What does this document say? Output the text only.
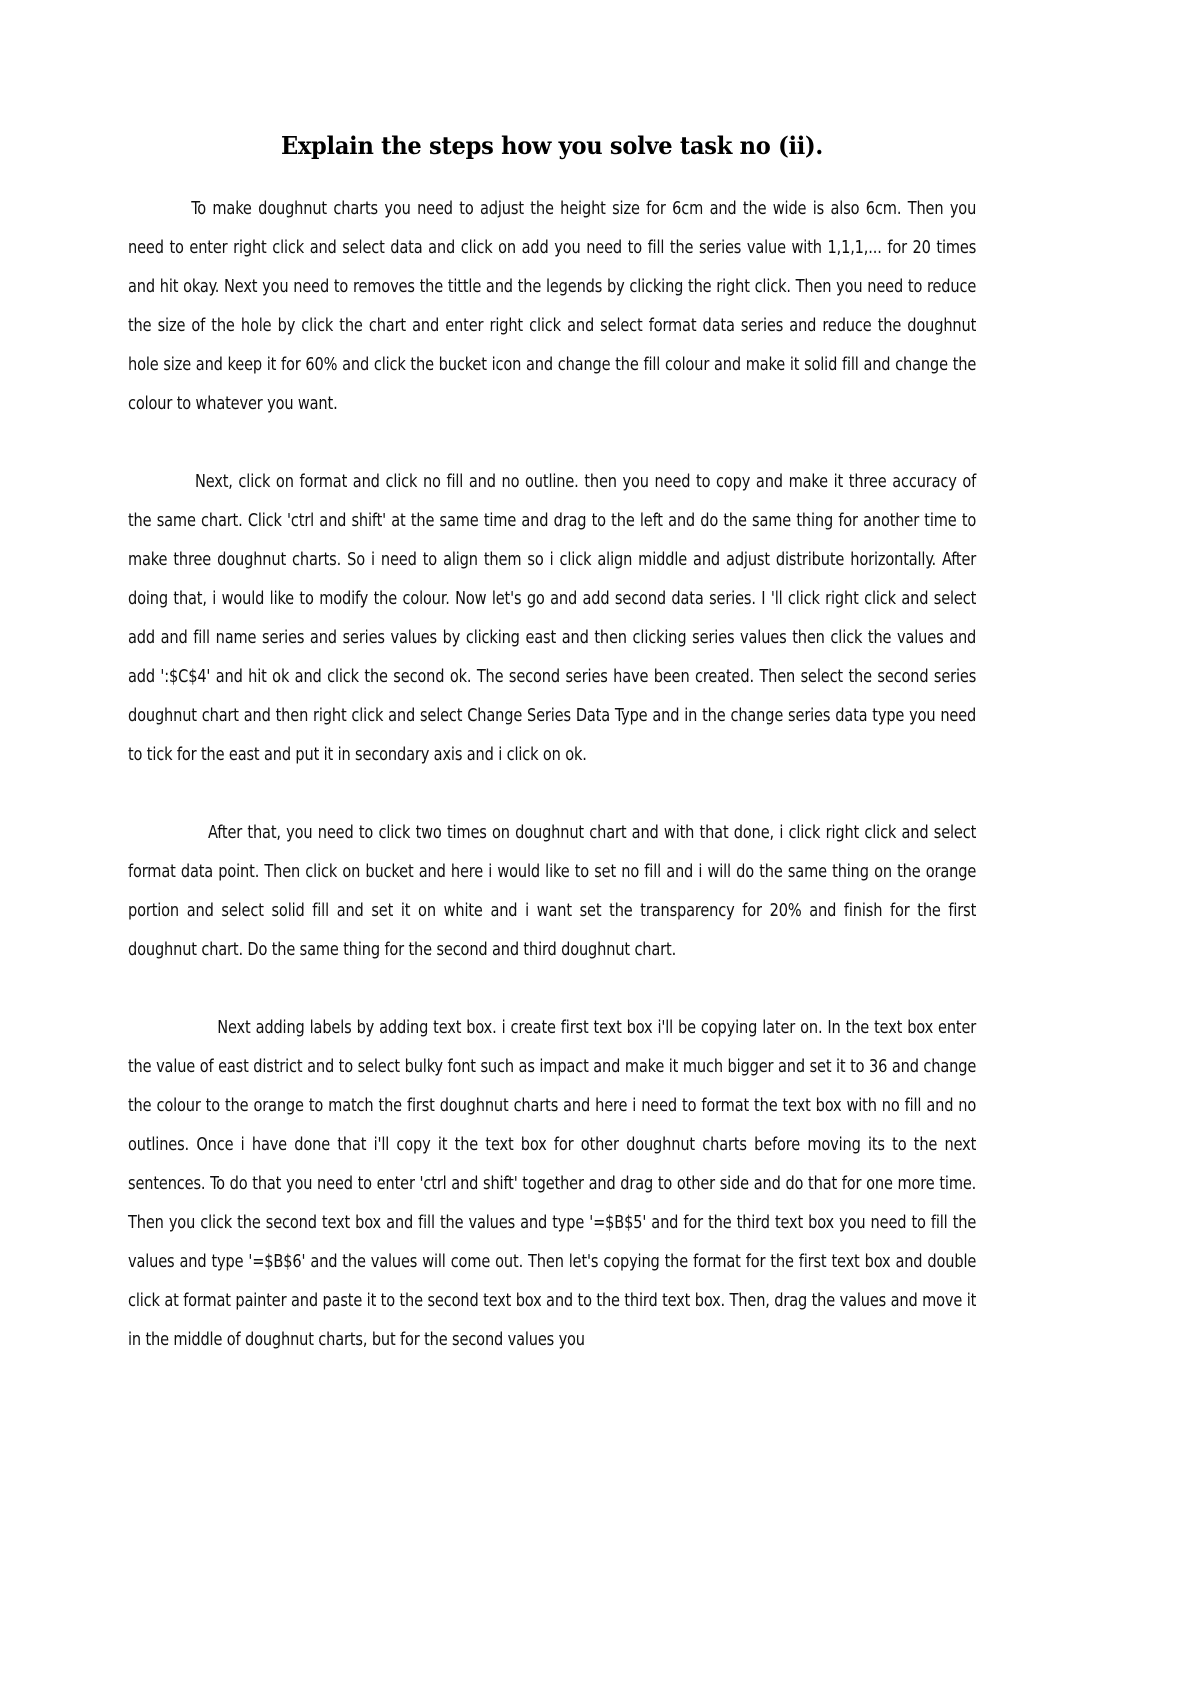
Explain the steps how you solve task no (ii).

To make doughnut charts you need to adjust the height size for 6cm and the wide is also 6cm. Then you need to enter right click and select data and click on add you need to fill the series value with 1,1,1,... for 20 times and hit okay. Next you need to removes the tittle and the legends by clicking the right click. Then you need to reduce the size of the hole by click the chart and enter right click and select format data series and reduce the doughnut hole size and keep it for 60% and click the bucket icon and change the fill colour and make it solid fill and change the colour to whatever you want.

Next, click on format and click no fill and no outline. then you need to copy and make it three accuracy of the same chart. Click 'ctrl and shift' at the same time and drag to the left and do the same thing for another time to make three doughnut charts. So i need to align them so i click align middle and adjust distribute horizontally. After doing that, i would like to modify the colour. Now let's go and add second data series. I 'll click right click and select add and fill name series and series values by clicking east and then clicking series values then click the values and add ':$C$4' and hit ok and click the second ok. The second series have been created. Then select the second series doughnut chart and then right click and select Change Series Data Type and in the change series data type you need to tick for the east and put it in secondary axis and i click on ok.

After that, you need to click two times on doughnut chart and with that done, i click right click and select format data point. Then click on bucket and here i would like to set no fill and i will do the same thing on the orange portion and select solid fill and set it on white and i want set the transparency for 20% and finish for the first doughnut chart. Do the same thing for the second and third doughnut chart.

Next adding labels by adding text box. i create first text box i'll be copying later on. In the text box enter the value of east district and to select bulky font such as impact and make it much bigger and set it to 36 and change the colour to the orange to match the first doughnut charts and here i need to format the text box with no fill and no outlines. Once i have done that i'll copy it the text box for other doughnut charts before moving its to the next sentences. To do that you need to enter 'ctrl and shift' together and drag to other side and do that for one more time. Then you click the second text box and fill the values and type '=$B$5' and for the third text box you need to fill the values and type '=$B$6' and the values will come out. Then let's copying the format for the first text box and double click at format painter and paste it to the second text box and to the third text box. Then, drag the values and move it in the middle of doughnut charts, but for the second values you
